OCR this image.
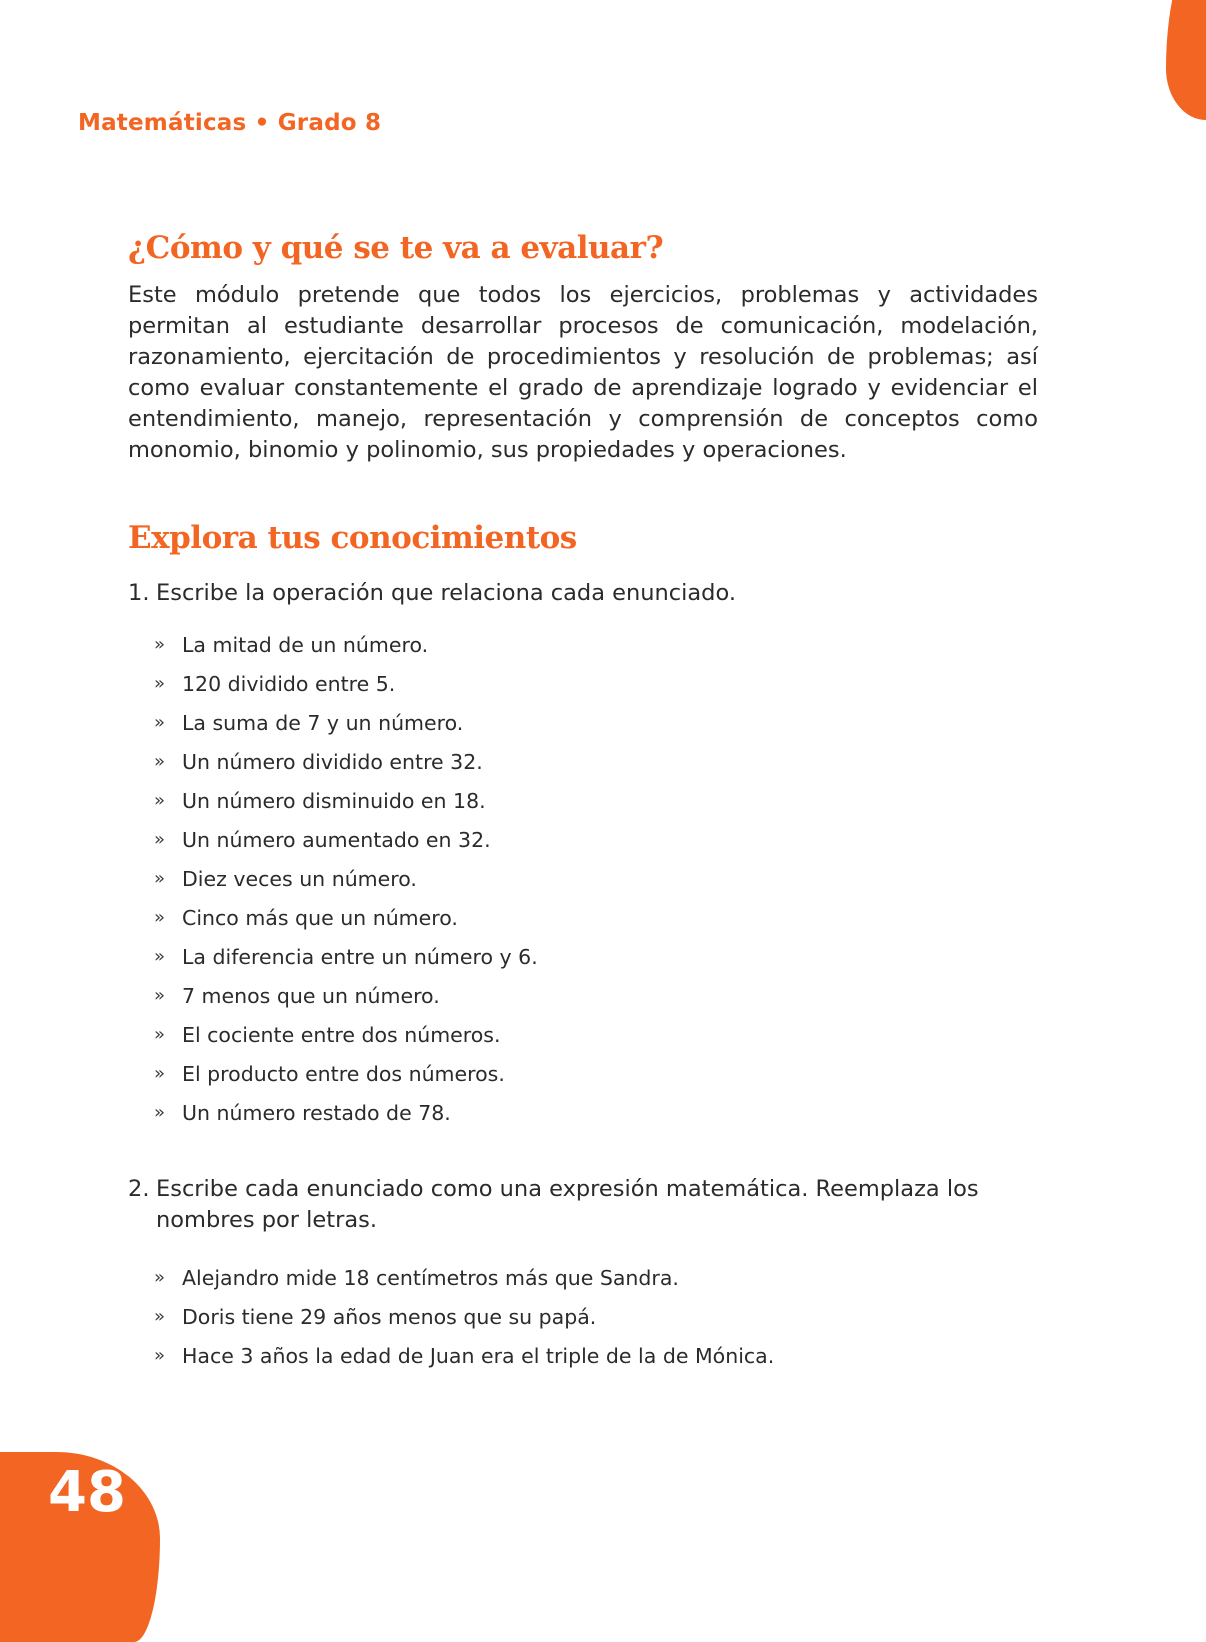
Matemáticas • Grado 8
¿Cómo y qué se te va a evaluar?

Este módulo pretende que todos los ejercicios, problemas y actividades permitan al estudiante desarrollar procesos de comunicación, modelación, razonamiento, ejercitación de procedimientos y resolución de problemas; así como evaluar constantemente el grado de aprendizaje logrado y evidenciar el entendimiento, manejo, representación y comprensión de conceptos como monomio, binomio y polinomio, sus propiedades y operaciones.

Explora tus conocimientos
1. Escribe la operación que relaciona cada enunciado.
» La mitad de un número.
» 120 dividido entre 5.
» La suma de 7 y un número.
» Un número dividido entre 32.
» Un número disminuido en 18.
» Un número aumentado en 32.
» Diez veces un número.
» Cinco más que un número.
» La diferencia entre un número y 6.
» 7 menos que un número.
» El cociente entre dos números.
» El producto entre dos números.
» Un número restado de 78.
2. Escribe cada enunciado como una expresión matemática. Reemplaza los nombres por letras.
» Alejandro mide 18 centímetros más que Sandra.
» Doris tiene 29 años menos que su papá.
» Hace 3 años la edad de Juan era el triple de la de Mónica.
48
